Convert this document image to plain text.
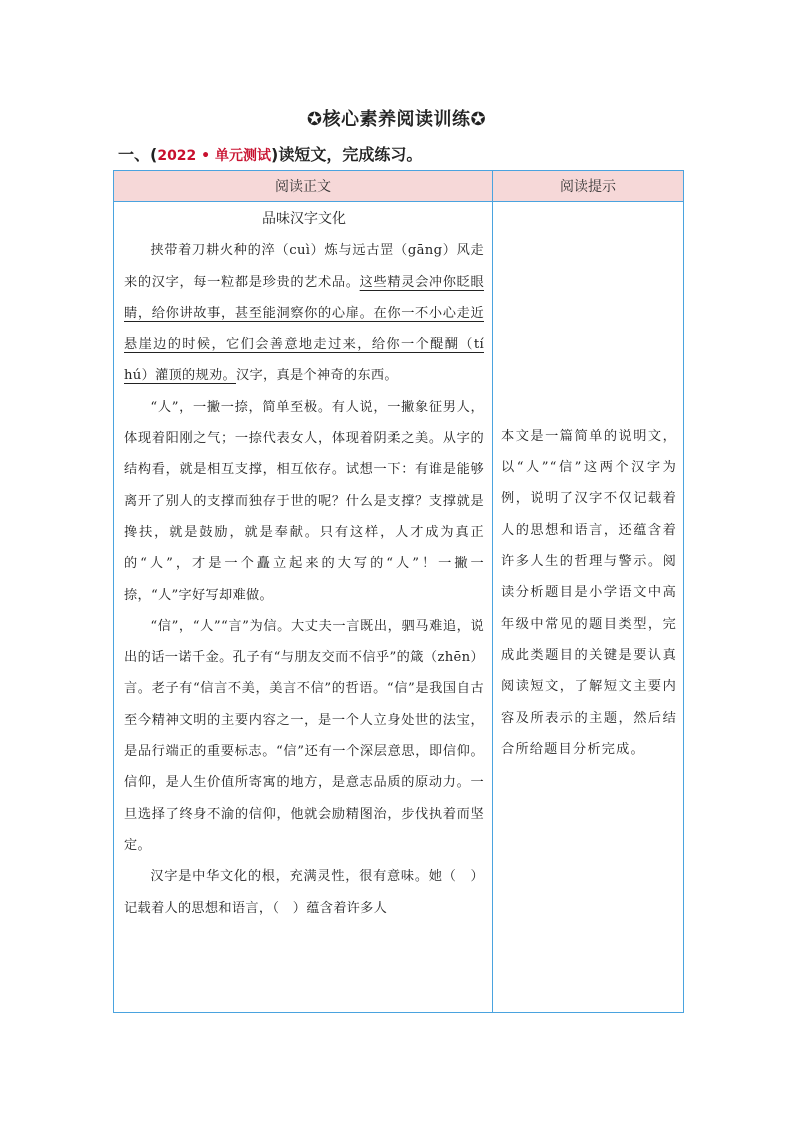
✪核心素养阅读训练✪
一、(2022 • 单元测试)读短文，完成练习。
阅读正文	阅读提示

品味汉字文化

挟带着刀耕火种的淬（cuì）炼与远古罡（gāng）风走来的汉字，每一粒都是珍贵的艺术品。这些精灵会冲你眨眼睛，给你讲故事，甚至能洞察你的心扉。在你一不小心走近悬崖边的时候，它们会善意地走过来，给你一个醍醐（tí hú）灌顶的规劝。汉字，真是个神奇的东西。

“人”，一撇一捺，简单至极。有人说，一撇象征男人，体现着阳刚之气；一捺代表女人，体现着阴柔之美。从字的结构看，就是相互支撑，相互依存。试想一下：有谁是能够离开了别人的支撑而独存于世的呢？什么是支撑？支撑就是搀扶，就是鼓励，就是奉献。只有这样，人才成为真正的“人”，才是一个矗立起来的大写的“人”！一撇一捺，“人”字好写却难做。

“信”，“人”“言”为信。大丈夫一言既出，驷马难追，说出的话一诺千金。孔子有“与朋友交而不信乎”的箴（zhēn）言。老子有“信言不美，美言不信”的哲语。“信”是我国自古至今精神文明的主要内容之一，是一个人立身处世的法宝，是品行端正的重要标志。“信”还有一个深层意思，即信仰。信仰，是人生价值所寄寓的地方，是意志品质的原动力。一旦选择了终身不渝的信仰，他就会励精图治，步伐执着而坚定。

汉字是中华文化的根，充满灵性，很有意味。她（　）记载着人的思想和语言，（　）蕴含着许多人	本文是一篇简单的说明文，以“人”“信”这两个汉字为例，说明了汉字不仅记载着人的思想和语言，还蕴含着许多人生的哲理与警示。阅读分析题目是小学语文中高年级中常见的题目类型，完成此类题目的关键是要认真阅读短文，了解短文主要内容及所表示的主题，然后结合所给题目分析完成。
